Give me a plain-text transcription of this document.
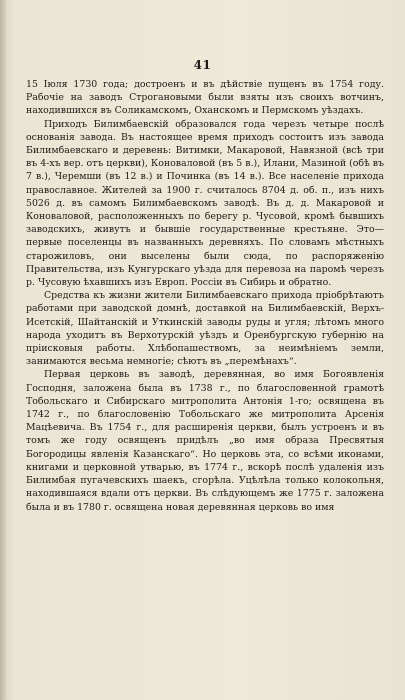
41

15 Іюля 1730 года; достроенъ и въ дѣйствіе пущенъ въ 1754 году. Рабочіе на заводъ Строгановыми были взяты изъ своихъ вотчинъ, находившихся въ Соликамскомъ, Оханскомъ и Пермскомъ уѣздахъ.

Приходъ Билимбаевскій образовался года черезъ четыре послѣ основанія завода. Въ настоящее время приходъ состоитъ изъ завода Билимбаевскаго и деревень: Витимки, Макаровой, Навязной (всѣ три въ 4-хъ вер. отъ церкви), Коноваловой (въ 5 в.), Илани, Мазиной (обѣ въ 7 в.), Черемши (въ 12 в.) и Починка (въ 14 в.). Все населеніе прихода православное. Жителей за 1900 г. считалось 8704 д. об. п., изъ нихъ 5026 д. въ самомъ Билимбаевскомъ заводѣ. Въ д. д. Макаровой и Коноваловой, расположенныхъ по берегу р. Чусовой, кромѣ бывшихъ заводскихъ, живутъ и бывшіе государственные крестьяне. Это—первые поселенцы въ названныхъ деревняхъ. По словамъ мѣстныхъ старожиловъ, они выселены были сюда, по распоряженію Правительства, изъ Кунгурскаго уѣзда для перевоза на паромѣ черезъ р. Чусовую ѣхавшихъ изъ Европ. Россіи въ Сибирь и обратно.

Средства къ жизни жители Билимбаевскаго прихода пріобрѣтаютъ работами при заводской домнѣ, доставкой на Билимбаевскій, Верхъ-Исетскій, Шайтанскій и Уткинскій заводы руды и угля; лѣтомъ много народа уходитъ въ Верхотурскій уѣздъ и Оренбургскую губернію на пріисковыя работы. Хлѣбопашествомъ, за неимѣніемъ земли, занимаются весьма немногіе; сѣютъ въ „перемѣнахъ“.

Первая церковь въ заводѣ, деревянная, во имя Богоявленія Господня, заложена была въ 1738 г., по благословенной грамотѣ Тобольскаго и Сибирскаго митрополита Антонія 1-го; освящена въ 1742 г., по благословенію Тобольскаго же митрополита Арсенія Мацѣевича. Въ 1754 г., для расширенія церкви, былъ устроенъ и въ томъ же году освященъ придѣлъ „во имя образа Пресвятыя Богородицы явленія Казанскаго“. Но церковь эта, со всѣми иконами, книгами и церковной утварью, въ 1774 г., вскорѣ послѣ удаленія изъ Билимбая пугачевскихъ шаекъ, сгорѣла. Уцѣлѣла только колокольня, находившаяся вдали отъ церкви. Въ слѣдующемъ же 1775 г. заложена была и въ 1780 г. освящена новая деревянная церковь во имя
